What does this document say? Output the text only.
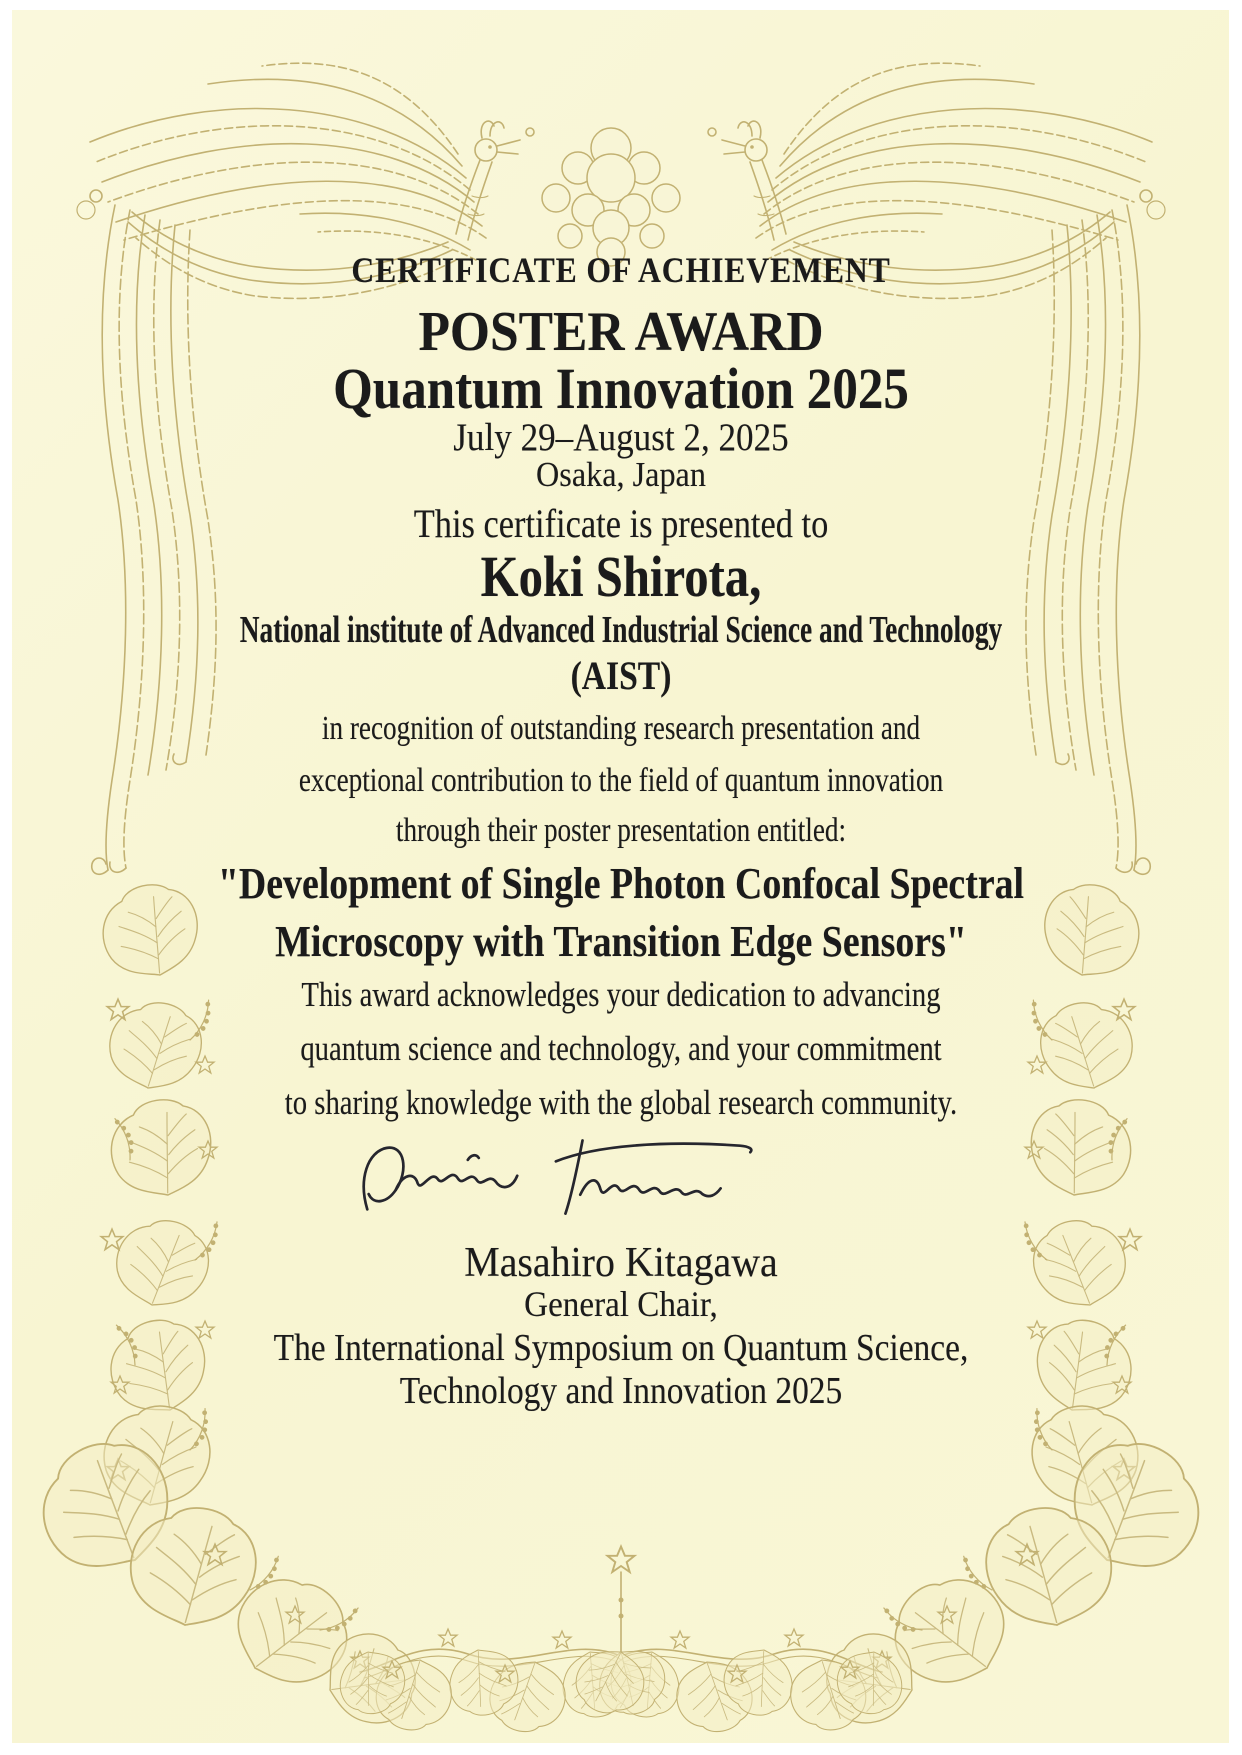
CERTIFICATE OF ACHIEVEMENT
POSTER AWARD
Quantum Innovation 2025
July 29–August 2, 2025
Osaka, Japan
This certificate is presented to
Koki Shirota,
National institute of Advanced Industrial Science and Technology
(AIST)
in recognition of outstanding research presentation and
exceptional contribution to the field of quantum innovation
through their poster presentation entitled:
"Development of Single Photon Confocal Spectral
Microscopy with Transition Edge Sensors"
This award acknowledges your dedication to advancing
quantum science and technology, and your commitment
to sharing knowledge with the global research community.
Masahiro Kitagawa
General Chair,
The International Symposium on Quantum Science,
Technology and Innovation 2025
